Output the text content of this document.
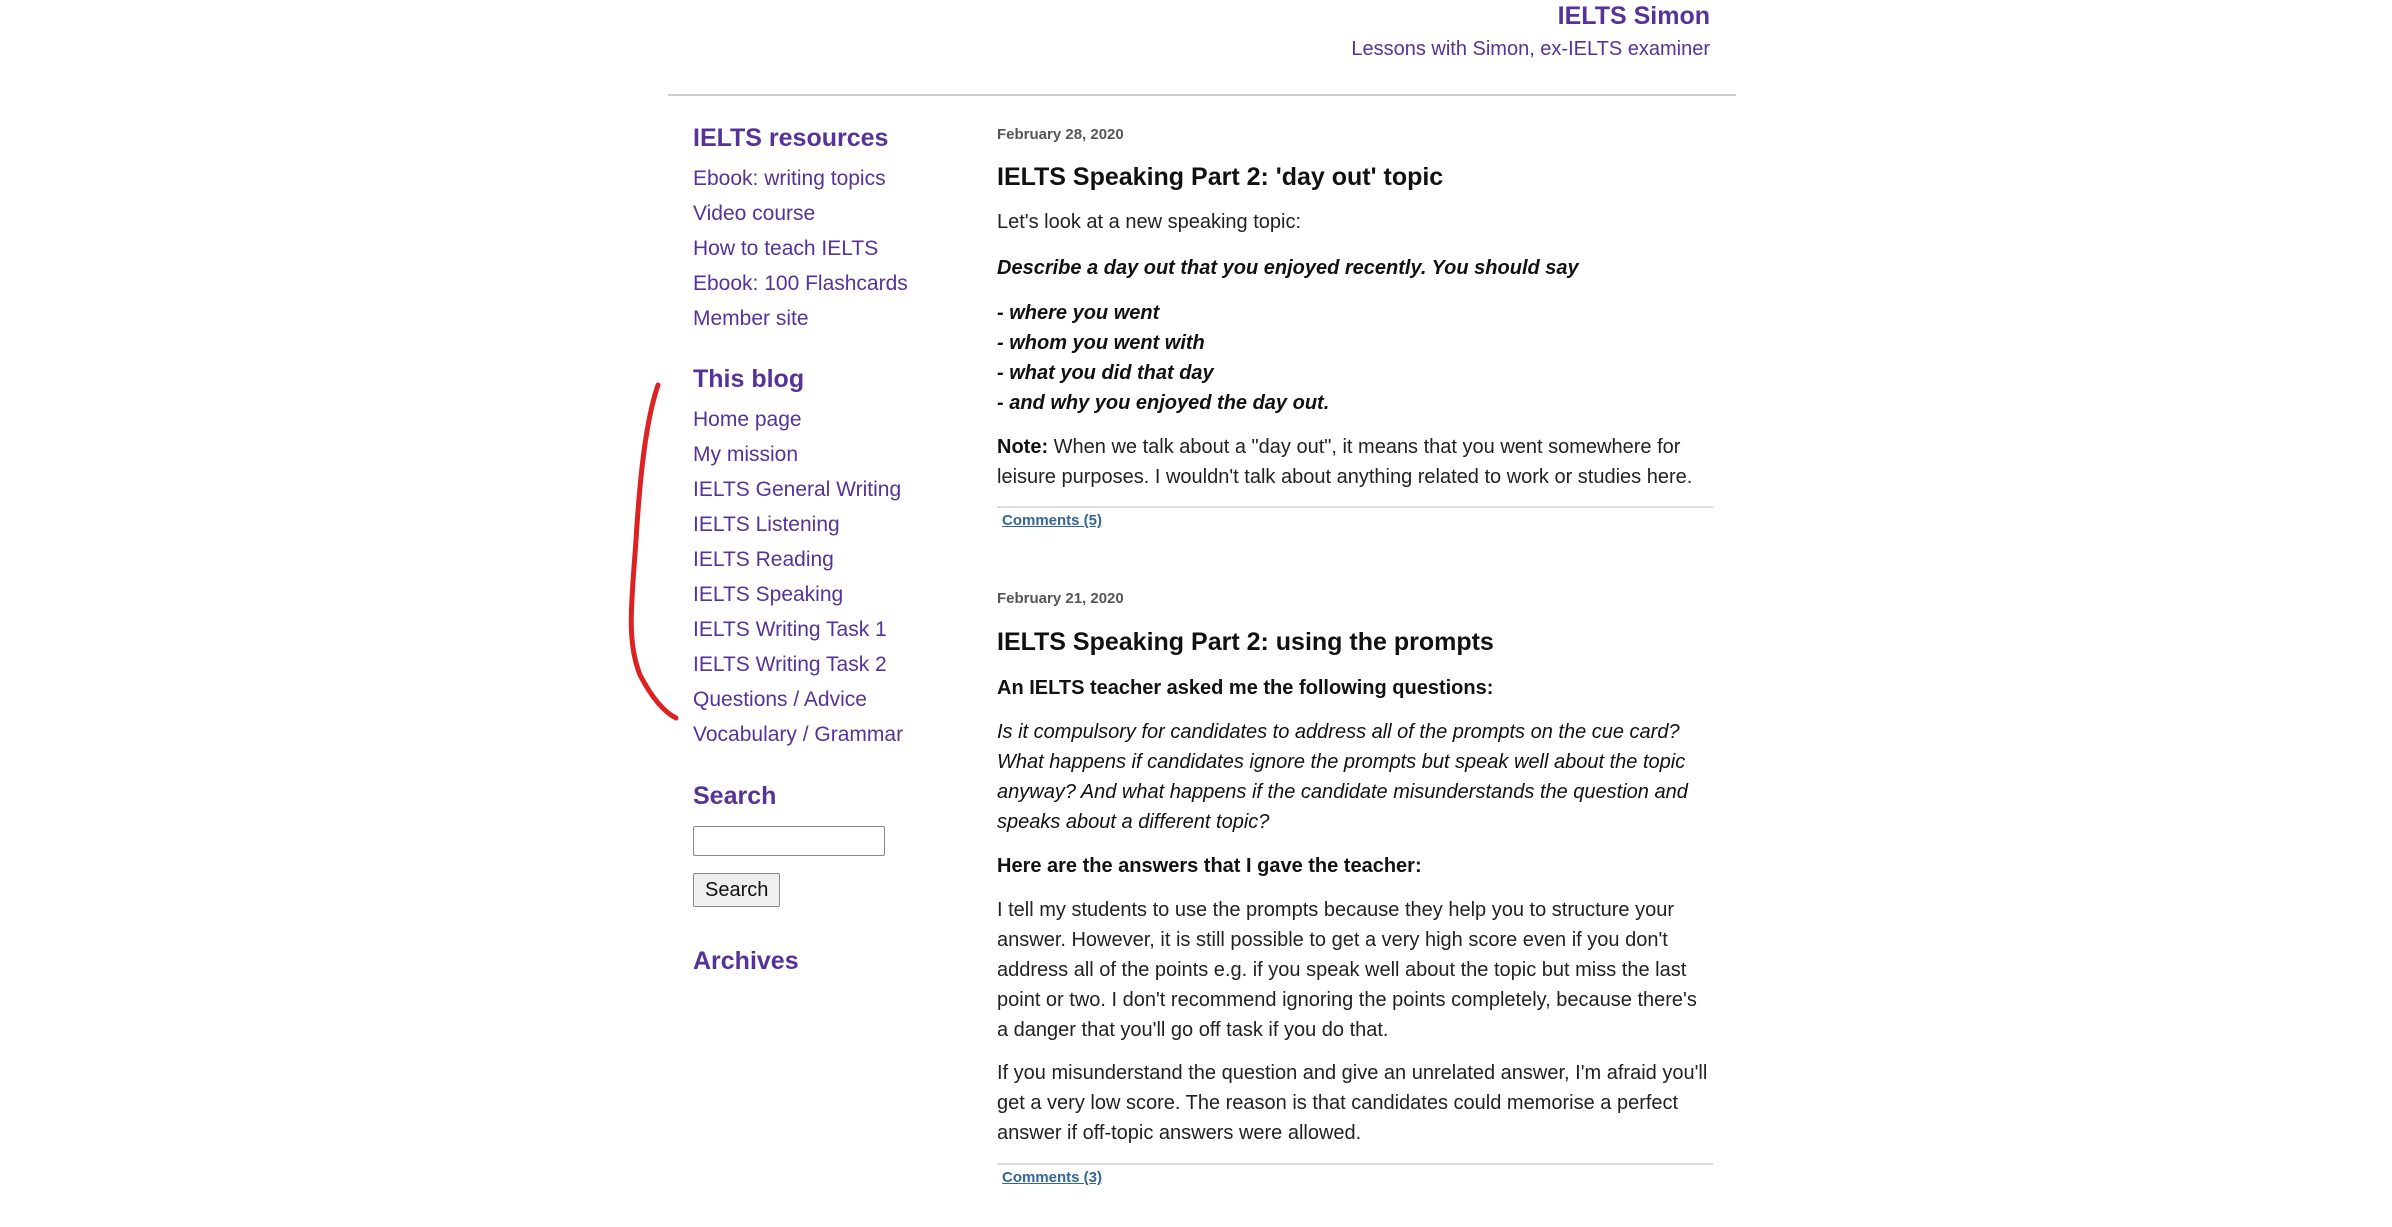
IELTS Simon
Lessons with Simon, ex-IELTS examiner
IELTS resources
Ebook: writing topics
Video course
How to teach IELTS
Ebook: 100 Flashcards
Member site
This blog
Home page
My mission
IELTS General Writing
IELTS Listening
IELTS Reading
IELTS Speaking
IELTS Writing Task 1
IELTS Writing Task 2
Questions / Advice
Vocabulary / Grammar
Search
Search
Archives
February 28, 2020
IELTS Speaking Part 2: 'day out' topic

Let's look at a new speaking topic:

Describe a day out that you enjoyed recently. You should say

- where you went

- whom you went with

- what you did that day

- and why you enjoyed the day out.

Note: When we talk about a "day out", it means that you went somewhere for leisure purposes. I wouldn't talk about anything related to work or studies here.

Comments (5)
February 21, 2020
IELTS Speaking Part 2: using the prompts

An IELTS teacher asked me the following questions:

Is it compulsory for candidates to address all of the prompts on the cue card? What happens if candidates ignore the prompts but speak well about the topic anyway? And what happens if the candidate misunderstands the question and speaks about a different topic?

Here are the answers that I gave the teacher:

I tell my students to use the prompts because they help you to structure your answer. However, it is still possible to get a very high score even if you don't address all of the points e.g. if you speak well about the topic but miss the last point or two. I don't recommend ignoring the points completely, because there's a danger that you'll go off task if you do that.

If you misunderstand the question and give an unrelated answer, I'm afraid you'll get a very low score. The reason is that candidates could memorise a perfect answer if off-topic answers were allowed.

Comments (3)
